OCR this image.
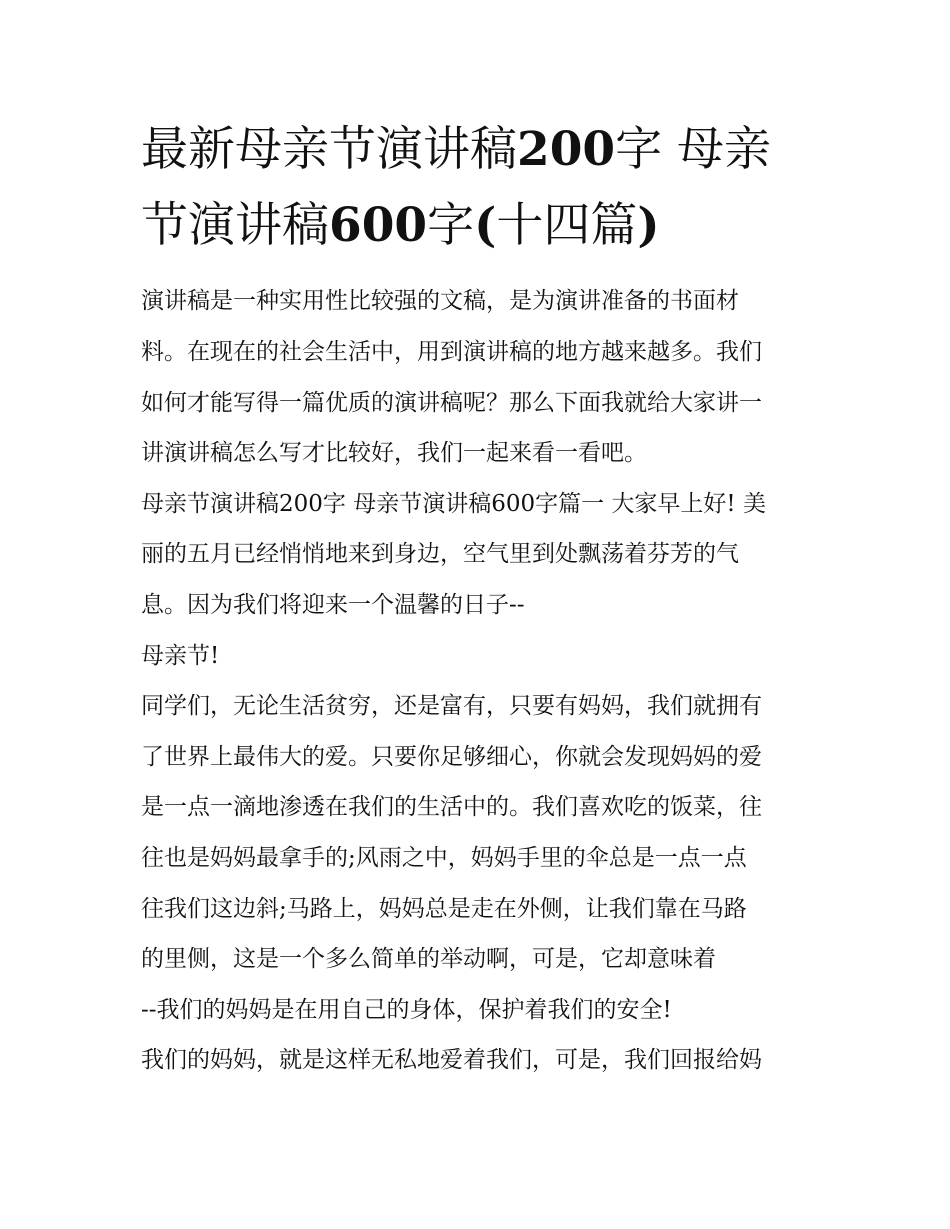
最新母亲节演讲稿200字 母亲
节演讲稿600字(十四篇)

演讲稿是一种实用性比较强的文稿，是为演讲准备的书面材

料。在现在的社会生活中，用到演讲稿的地方越来越多。我们

如何才能写得一篇优质的演讲稿呢？那么下面我就给大家讲一

讲演讲稿怎么写才比较好，我们一起来看一看吧。

母亲节演讲稿200字 母亲节演讲稿600字篇一 大家早上好! 美

丽的五月已经悄悄地来到身边，空气里到处飘荡着芬芳的气

息。因为我们将迎来一个温馨的日子--

母亲节!

同学们，无论生活贫穷，还是富有，只要有妈妈，我们就拥有

了世界上最伟大的爱。只要你足够细心，你就会发现妈妈的爱

是一点一滴地渗透在我们的生活中的。我们喜欢吃的饭菜，往

往也是妈妈最拿手的;风雨之中，妈妈手里的伞总是一点一点

往我们这边斜;马路上，妈妈总是走在外侧，让我们靠在马路

的里侧，这是一个多么简单的举动啊，可是，它却意味着

--我们的妈妈是在用自己的身体，保护着我们的安全!

我们的妈妈，就是这样无私地爱着我们，可是，我们回报给妈
